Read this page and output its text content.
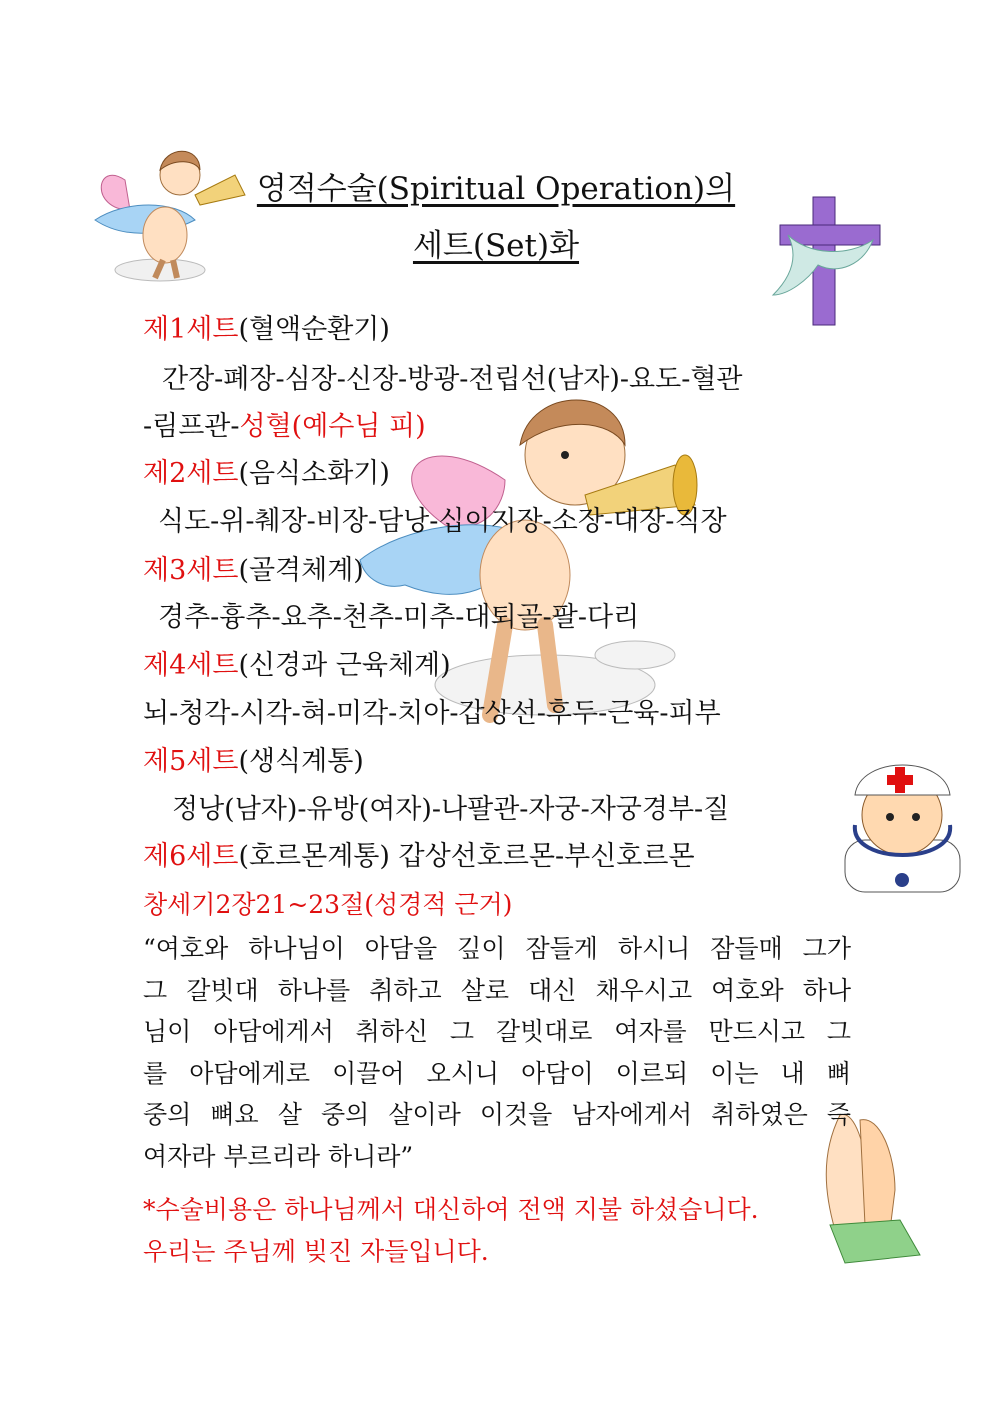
영적수술(Spiritual Operation)의
세트(Set)화
제1세트(혈액순환기)
간장-폐장-심장-신장-방광-전립선(남자)-요도-혈관
-림프관-성혈(예수님 피)
제2세트(음식소화기)
식도-위-췌장-비장-담낭-십이지장-소장-대장-직장
제3세트(골격체계)
경추-흉추-요추-천추-미추-대퇴골-팔-다리
제4세트(신경과 근육체계)
뇌-청각-시각-혀-미각-치아-갑상선-후두-근육-피부
제5세트(생식계통)
정낭(남자)-유방(여자)-나팔관-자궁-자궁경부-질
제6세트(호르몬계통) 갑상선호르몬-부신호르몬
창세기2장21~23절(성경적 근거)
“여호와 하나님이 아담을 깊이 잠들게 하시니 잠들매 그가
그 갈빗대 하나를 취하고 살로 대신 채우시고 여호와 하나
님이 아담에게서 취하신 그 갈빗대로 여자를 만드시고 그
를 아담에게로 이끌어 오시니 아담이 이르되 이는 내 뼈
중의 뼈요 살 중의 살이라 이것을 남자에게서 취하였은 즉
여자라 부르리라 하니라”
*수술비용은 하나님께서 대신하여 전액 지불 하셨습니다.
우리는 주님께 빚진 자들입니다.
